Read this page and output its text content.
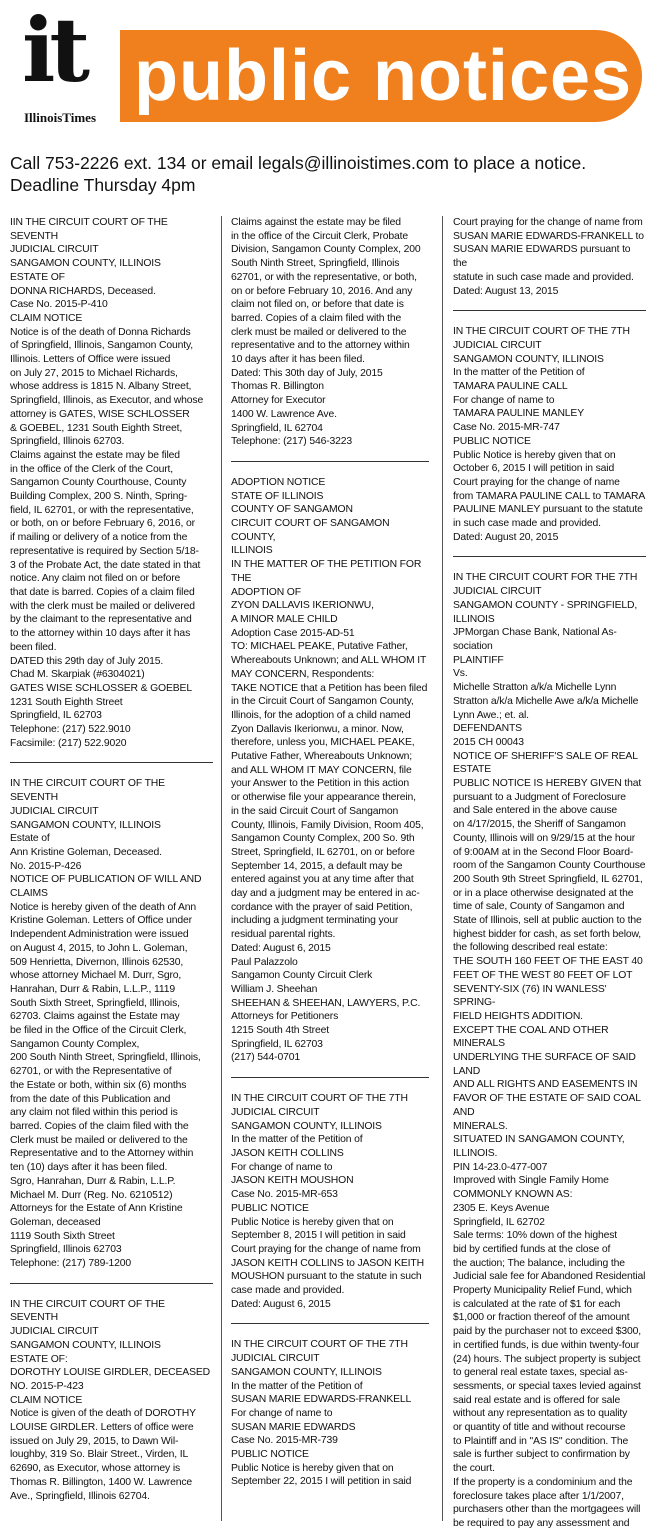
it
IllinoisTimes
public notices
Call 753-2226 ext. 134 or email legals@illinoistimes.com to place a notice.
Deadline Thursday 4pm
IIN THE CIRCUIT COURT OF THE SEVENTH
JUDICIAL CIRCUIT
SANGAMON COUNTY, ILLINOIS
ESTATE OF
DONNA RICHARDS, Deceased.
Case No. 2015-P-410
CLAIM NOTICE
Notice is of the death of Donna Richards
of Springfield, Illinois, Sangamon County,
Illinois. Letters of Office were issued
on July 27, 2015 to Michael Richards,
whose address is 1815 N. Albany Street,
Springfield, Illinois, as Executor, and whose
attorney is GATES, WISE SCHLOSSER
& GOEBEL, 1231 South Eighth Street,
Springfield, Illinois 62703.
Claims against the estate may be filed
in the office of the Clerk of the Court,
Sangamon County Courthouse, County
Building Complex, 200 S. Ninth, Spring-
field, IL 62701, or with the representative,
or both, on or before February 6, 2016, or
if mailing or delivery of a notice from the
representative is required by Section 5/18-
3 of the Probate Act, the date stated in that
notice. Any claim not filed on or before
that date is barred. Copies of a claim filed
with the clerk must be mailed or delivered
by the claimant to the representative and
to the attorney within 10 days after it has
been filed.
DATED this 29th day of July 2015.
Chad M. Skarpiak (#6304021)
GATES WISE SCHLOSSER & GOEBEL
1231 South Eighth Street
Springfield, IL 62703
Telephone: (217) 522.9010
Facsimile: (217) 522.9020
IN THE CIRCUIT COURT OF THE SEVENTH
JUDICIAL CIRCUIT
SANGAMON COUNTY, ILLINOIS
Estate of
Ann Kristine Goleman, Deceased.
No. 2015-P-426
NOTICE OF PUBLICATION OF WILL AND
CLAIMS
Notice is hereby given of the death of Ann
Kristine Goleman. Letters of Office under
Independent Administration were issued
on August 4, 2015, to John L. Goleman,
509 Henrietta, Divernon, Illinois 62530,
whose attorney Michael M. Durr, Sgro,
Hanrahan, Durr & Rabin, L.L.P., 1119
South Sixth Street, Springfield, Illinois,
62703. Claims against the Estate may
be filed in the Office of the Circuit Clerk,
Sangamon County Complex,
200 South Ninth Street, Springfield, Illinois,
62701, or with the Representative of
the Estate or both, within six (6) months
from the date of this Publication and
any claim not filed within this period is
barred. Copies of the claim filed with the
Clerk must be mailed or delivered to the
Representative and to the Attorney within
ten (10) days after it has been filed.
Sgro, Hanrahan, Durr & Rabin, L.L.P.
Michael M. Durr (Reg. No. 6210512)
Attorneys for the Estate of Ann Kristine
Goleman, deceased
1119 South Sixth Street
Springfield, Illinois 62703
Telephone: (217) 789-1200
IN THE CIRCUIT COURT OF THE SEVENTH
JUDICIAL CIRCUIT
SANGAMON COUNTY, ILLINOIS
ESTATE OF:
DOROTHY LOUISE GIRDLER, DECEASED
NO. 2015-P-423
CLAIM NOTICE
Notice is given of the death of DOROTHY
LOUISE GIRDLER. Letters of office were
issued on July 29, 2015, to Dawn Wil-
loughby, 319 So. Blair Street., Virden, IL
62690, as Executor, whose attorney is
Thomas R. Billington, 1400 W. Lawrence
Ave., Springfield, Illinois 62704.
Claims against the estate may be filed
in the office of the Circuit Clerk, Probate
Division, Sangamon County Complex, 200
South Ninth Street, Springfield, Illinois
62701, or with the representative, or both,
on or before February 10, 2016. And any
claim not filed on, or before that date is
barred. Copies of a claim filed with the
clerk must be mailed or delivered to the
representative and to the attorney within
10 days after it has been filed.
Dated: This 30th day of July, 2015
Thomas R. Billington
Attorney for Executor
1400 W. Lawrence Ave.
Springfield, IL 62704
Telephone: (217) 546-3223
ADOPTION NOTICE
STATE OF ILLINOIS
COUNTY OF SANGAMON
CIRCUIT COURT OF SANGAMON COUNTY,
ILLINOIS
IN THE MATTER OF THE PETITION FOR THE
ADOPTION OF
ZYON DALLAVIS IKERIONWU,
A MINOR MALE CHILD
Adoption Case 2015-AD-51
TO: MICHAEL PEAKE, Putative Father,
Whereabouts Unknown; and ALL WHOM IT
MAY CONCERN, Respondents:
TAKE NOTICE that a Petition has been filed
in the Circuit Court of Sangamon County,
Illinois, for the adoption of a child named
Zyon Dallavis Ikerionwu, a minor. Now,
therefore, unless you, MICHAEL PEAKE,
Putative Father, Whereabouts Unknown;
and ALL WHOM IT MAY CONCERN, file
your Answer to the Petition in this action
or otherwise file your appearance therein,
in the said Circuit Court of Sangamon
County, Illinois, Family Division, Room 405,
Sangamon County Complex, 200 So. 9th
Street, Springfield, IL 62701, on or before
September 14, 2015, a default may be
entered against you at any time after that
day and a judgment may be entered in ac-
cordance with the prayer of said Petition,
including a judgment terminating your
residual parental rights.
Dated: August 6, 2015
Paul Palazzolo
Sangamon County Circuit Clerk
William J. Sheehan
SHEEHAN & SHEEHAN, LAWYERS, P.C.
Attorneys for Petitioners
1215 South 4th Street
Springfield, IL 62703
(217) 544-0701
IN THE CIRCUIT COURT OF THE 7TH
JUDICIAL CIRCUIT
SANGAMON COUNTY, ILLINOIS
In the matter of the Petition of
JASON KEITH COLLINS
For change of name to
JASON KEITH MOUSHON
Case No. 2015-MR-653
PUBLIC NOTICE
Public Notice is hereby given that on
September 8, 2015 I will petition in said
Court praying for the change of name from
JASON KEITH COLLINS to JASON KEITH
MOUSHON pursuant to the statute in such
case made and provided.
Dated: August 6, 2015
IN THE CIRCUIT COURT OF THE 7TH
JUDICIAL CIRCUIT
SANGAMON COUNTY, ILLINOIS
In the matter of the Petition of
SUSAN MARIE EDWARDS-FRANKELL
For change of name to
SUSAN MARIE EDWARDS
Case No. 2015-MR-739
PUBLIC NOTICE
Public Notice is hereby given that on
September 22, 2015 I will petition in said
Court praying for the change of name from
SUSAN MARIE EDWARDS-FRANKELL to
SUSAN MARIE EDWARDS pursuant to the
statute in such case made and provided.
Dated: August 13, 2015
IN THE CIRCUIT COURT OF THE 7TH
JUDICIAL CIRCUIT
SANGAMON COUNTY, ILLINOIS
In the matter of the Petition of
TAMARA PAULINE CALL
For change of name to
TAMARA PAULINE MANLEY
Case No. 2015-MR-747
PUBLIC NOTICE
Public Notice is hereby given that on
October 6, 2015 I will petition in said
Court praying for the change of name
from TAMARA PAULINE CALL to TAMARA
PAULINE MANLEY pursuant to the statute
in such case made and provided.
Dated: August 20, 2015
IN THE CIRCUIT COURT FOR THE 7TH
JUDICIAL CIRCUIT
SANGAMON COUNTY - SPRINGFIELD,
ILLINOIS
JPMorgan Chase Bank, National As-
sociation
PLAINTIFF
Vs.
Michelle Stratton a/k/a Michelle Lynn
Stratton a/k/a Michelle Awe a/k/a Michelle
Lynn Awe.; et. al.
DEFENDANTS
2015 CH 00043
NOTICE OF SHERIFF'S SALE OF REAL
ESTATE
PUBLIC NOTICE IS HEREBY GIVEN that
pursuant to a Judgment of Foreclosure
and Sale entered in the above cause
on 4/17/2015, the Sheriff of Sangamon
County, Illinois will on 9/29/15 at the hour
of 9:00AM at in the Second Floor Board-
room of the Sangamon County Courthouse
200 South 9th Street Springfield, IL 62701,
or in a place otherwise designated at the
time of sale, County of Sangamon and
State of Illinois, sell at public auction to the
highest bidder for cash, as set forth below,
the following described real estate:
THE SOUTH 160 FEET OF THE EAST 40
FEET OF THE WEST 80 FEET OF LOT
SEVENTY-SIX (76) IN WANLESS' SPRING-
FIELD HEIGHTS ADDITION.
EXCEPT THE COAL AND OTHER MINERALS
UNDERLYING THE SURFACE OF SAID LAND
AND ALL RIGHTS AND EASEMENTS IN
FAVOR OF THE ESTATE OF SAID COAL AND
MINERALS.
SITUATED IN SANGAMON COUNTY,
ILLINOIS.
PIN 14-23.0-477-007
Improved with Single Family Home
COMMONLY KNOWN AS:
2305 E. Keys Avenue
Springfield, IL 62702
Sale terms: 10% down of the highest
bid by certified funds at the close of
the auction; The balance, including the
Judicial sale fee for Abandoned Residential
Property Municipality Relief Fund, which
is calculated at the rate of $1 for each
$1,000 or fraction thereof of the amount
paid by the purchaser not to exceed $300,
in certified funds, is due within twenty-four
(24) hours. The subject property is subject
to general real estate taxes, special as-
sessments, or special taxes levied against
said real estate and is offered for sale
without any representation as to quality
or quantity of title and without recourse
to Plaintiff and in "AS IS" condition. The
sale is further subject to confirmation by
the court.
If the property is a condominium and the
foreclosure takes place after 1/1/2007,
purchasers other than the mortgagees will
be required to pay any assessment and
